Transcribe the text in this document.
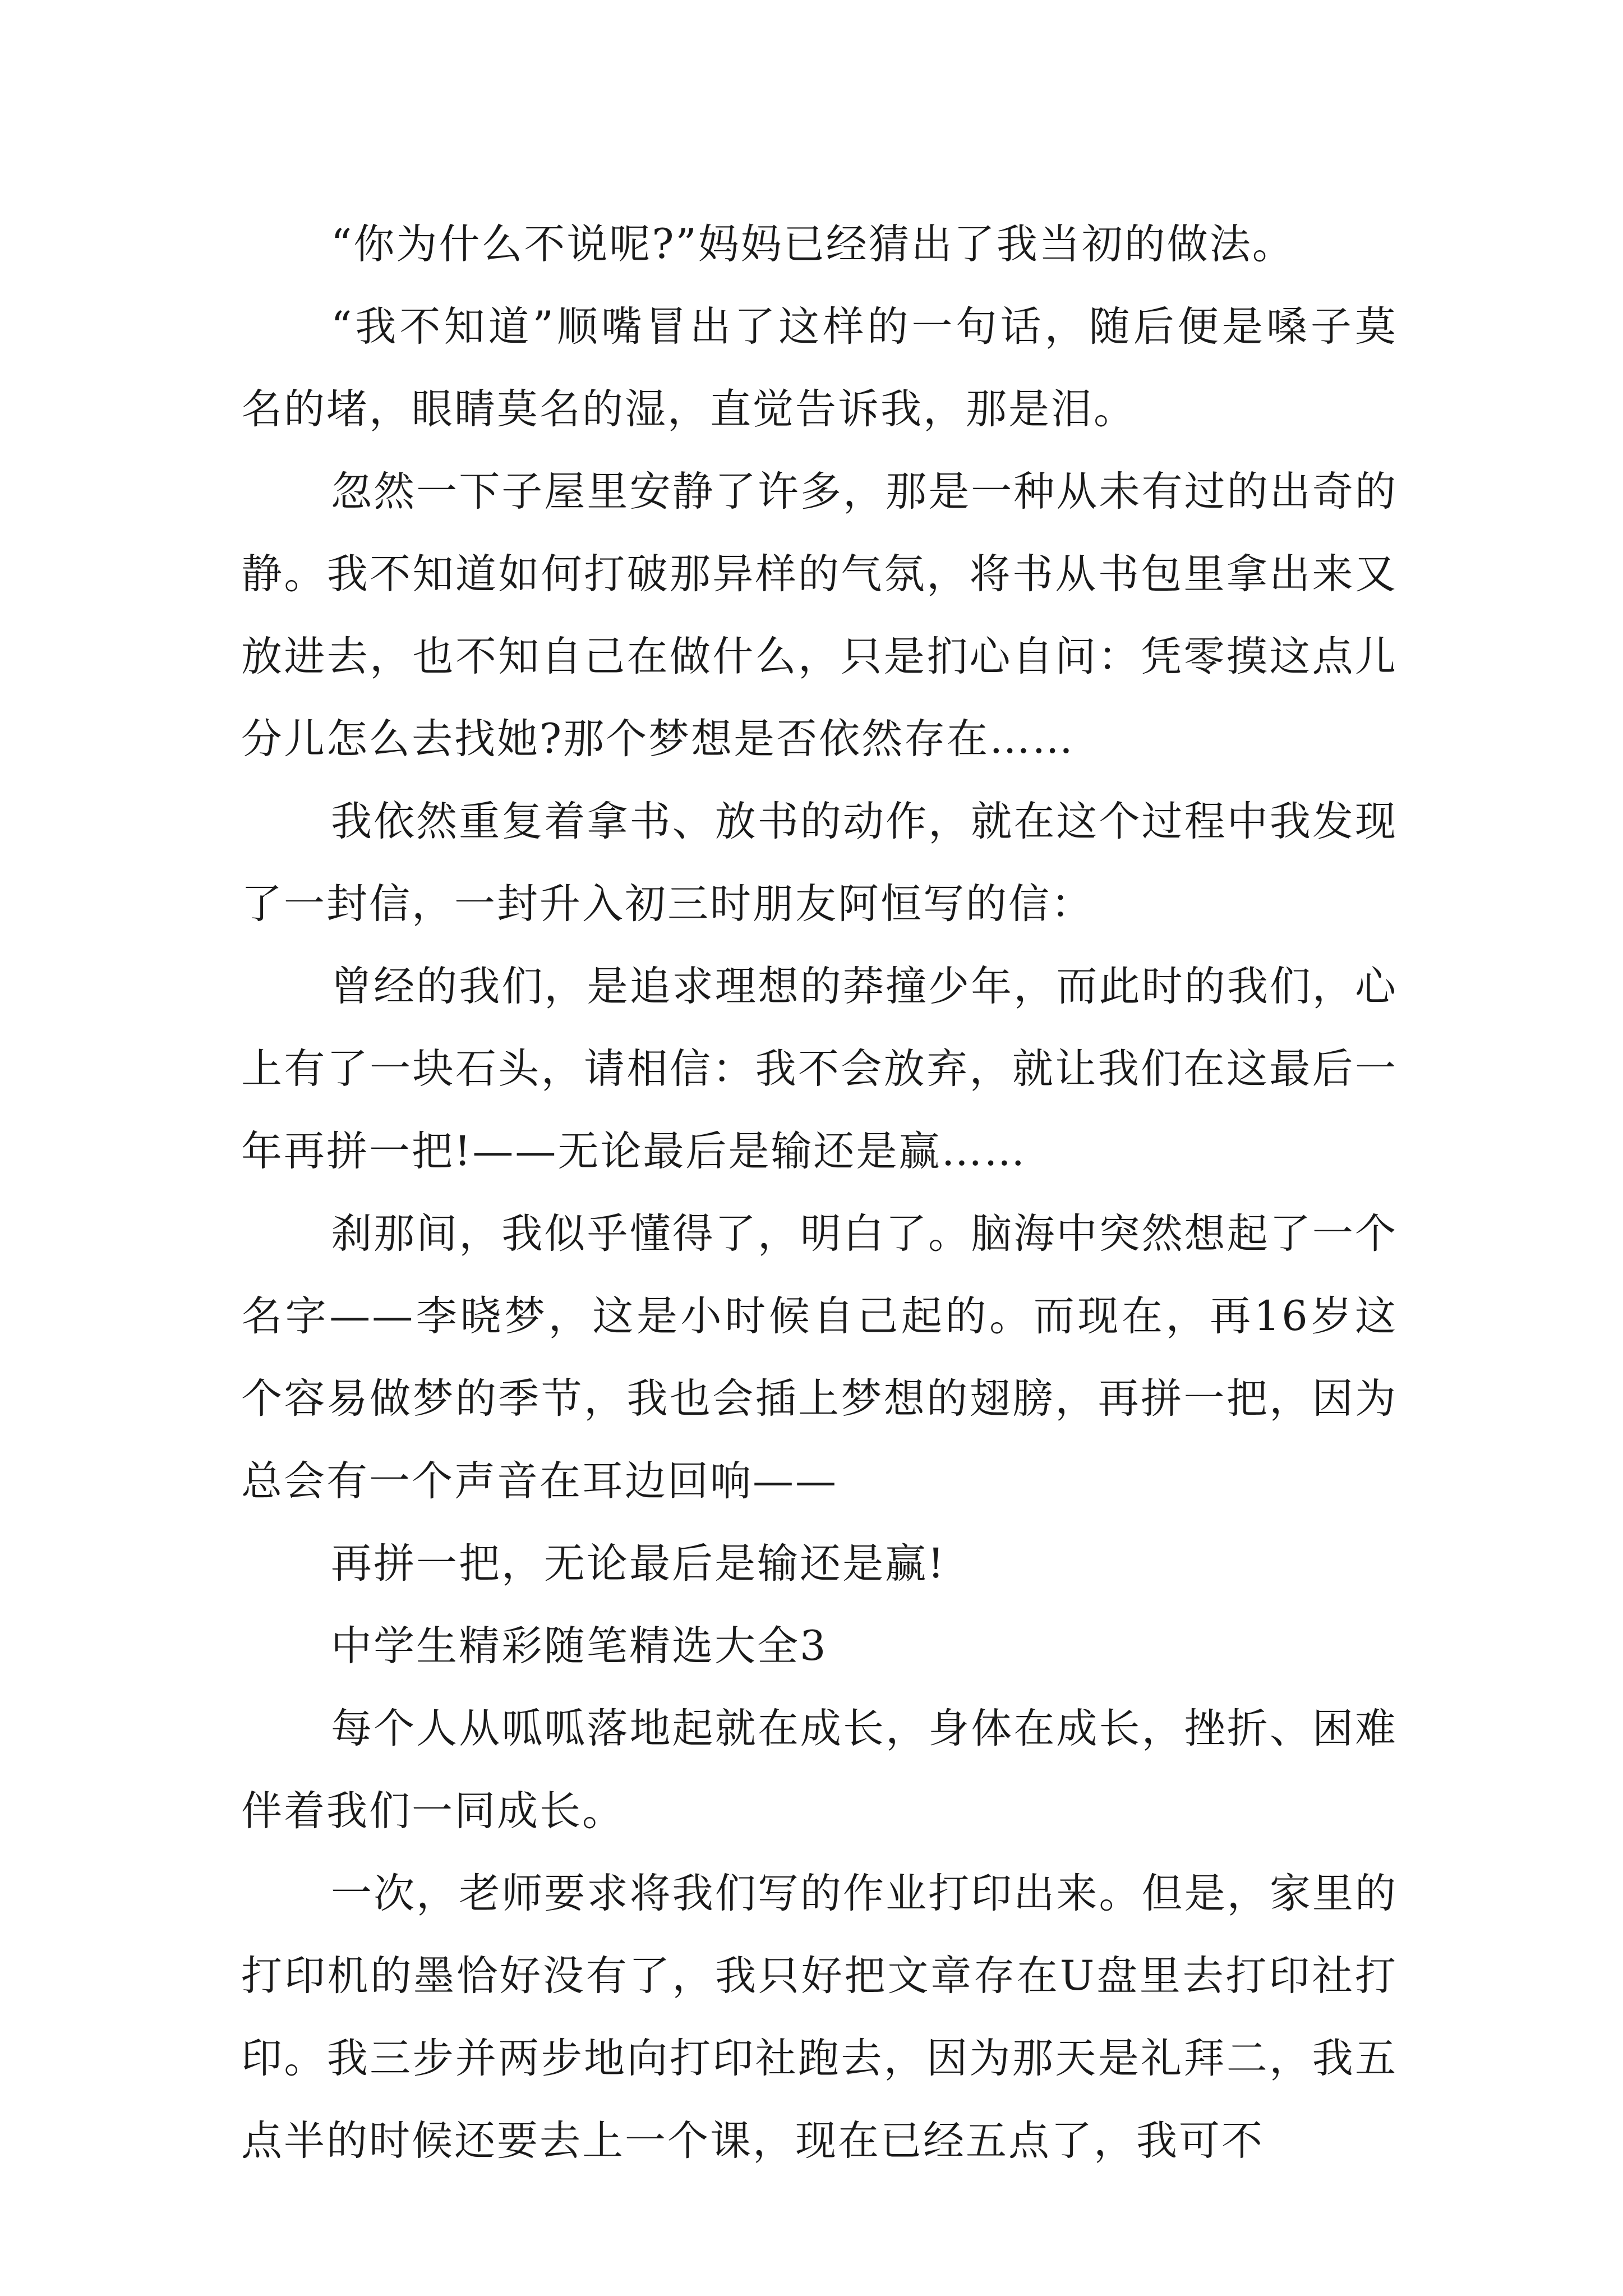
“你为什么不说呢?”妈妈已经猜出了我当初的做法。

“我不知道”顺嘴冒出了这样的一句话，随后便是嗓子莫名的堵，眼睛莫名的湿，直觉告诉我，那是泪。

忽然一下子屋里安静了许多，那是一种从未有过的出奇的静。我不知道如何打破那异样的气氛，将书从书包里拿出来又放进去，也不知自己在做什么，只是扪心自问：凭零摸这点儿分儿怎么去找她?那个梦想是否依然存在……

我依然重复着拿书、放书的动作，就在这个过程中我发现了一封信，一封升入初三时朋友阿恒写的信：

曾经的我们，是追求理想的莽撞少年，而此时的我们，心上有了一块石头，请相信：我不会放弃，就让我们在这最后一年再拼一把!——无论最后是输还是赢……

刹那间，我似乎懂得了，明白了。脑海中突然想起了一个名字——李晓梦，这是小时候自己起的。而现在，再16岁这个容易做梦的季节，我也会插上梦想的翅膀，再拼一把，因为总会有一个声音在耳边回响——

再拼一把，无论最后是输还是赢!

中学生精彩随笔精选大全3

每个人从呱呱落地起就在成长，身体在成长，挫折、困难伴着我们一同成长。

一次，老师要求将我们写的作业打印出来。但是，家里的打印机的墨恰好没有了，我只好把文章存在U盘里去打印社打印。我三步并两步地向打印社跑去，因为那天是礼拜二，我五点半的时候还要去上一个课，现在已经五点了，我可不
